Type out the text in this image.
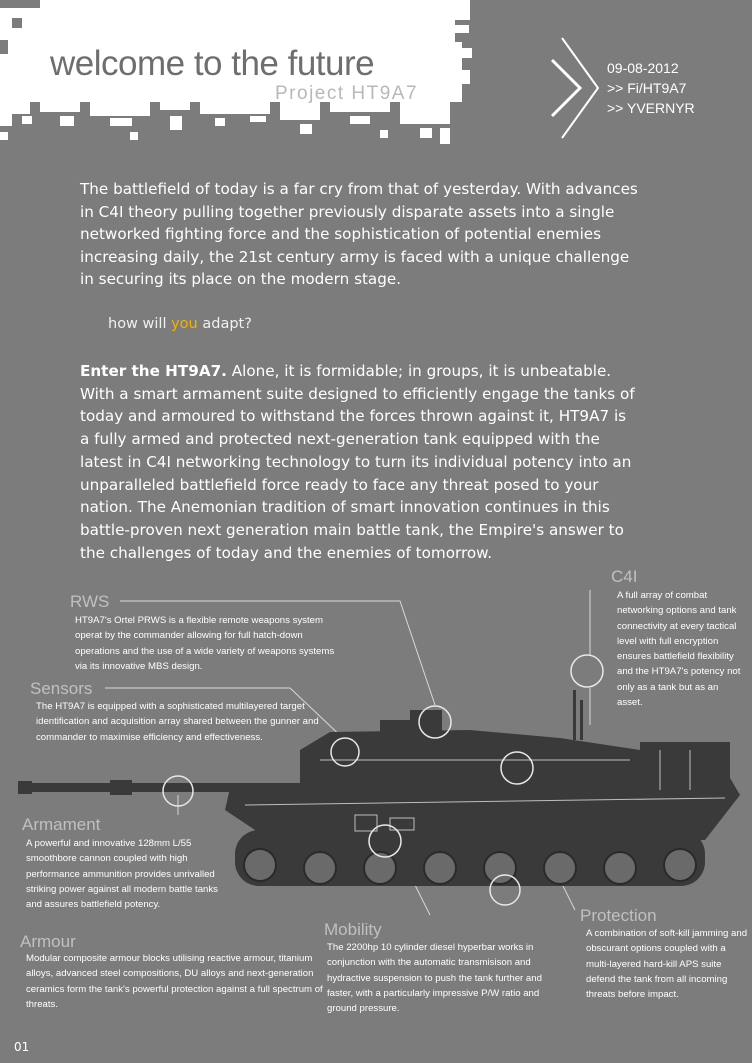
welcome to the future
Project HT9A7
09-08-2012
>> Fi/HT9A7
>> YVERNYR
The battlefield of today is a far cry from that of yesterday. With advances in C4I theory pulling together previously disparate assets into a single networked fighting force and the sophistication of potential enemies increasing daily, the 21st century army is faced with a unique challenge in securing its place on the modern stage.
how will you adapt?
Enter the HT9A7. Alone, it is formidable; in groups, it is unbeatable. With a smart armament suite designed to efficiently engage the tanks of today and armoured to withstand the forces thrown against it, HT9A7 is a fully armed and protected next-generation tank equipped with the latest in C4I networking technology to turn its individual potency into an unparalleled battlefield force ready to face any threat posed to your nation. The Anemonian tradition of smart innovation continues in this battle-proven next generation main battle tank, the Empire's answer to the challenges of today and the enemies of tomorrow.
RWS
HT9A7's Ortel PRWS is a flexible remote weapons system operat by the commander allowing for full hatch-down operations and the use of a wide variety of weapons systems via its innovative MBS design.
Sensors
The HT9A7 is equipped with a sophisticated multilayered target identification and acquisition array shared between the gunner and commander to maximise efficiency and effectiveness.
Armament
A powerful and innovative 128mm L/55 smoothbore cannon coupled with high performance ammunition provides unrivalled striking power against all modern battle tanks and assures battlefield potency.
Armour
Modular composite armour blocks utilising reactive armour, titanium alloys, advanced steel compositions, DU alloys and next-generation ceramics form the tank's powerful protection against a full spectrum of threats.
Mobility
The 2200hp 10 cylinder diesel hyperbar works in conjunction with the automatic transmisison and hydractive suspension to push the tank further and faster, with a particularly impressive P/W ratio and ground pressure.
Protection
A combination of soft-kill jamming and obscurant options coupled with a multi-layered hard-kill APS suite defend the tank from all incoming threats before impact.
C4I
A full array of combat networking options and tank connectivity at every tactical level with full encryption ensures battlefield flexibility and the HT9A7's potency not only as a tank but as an asset.
01
